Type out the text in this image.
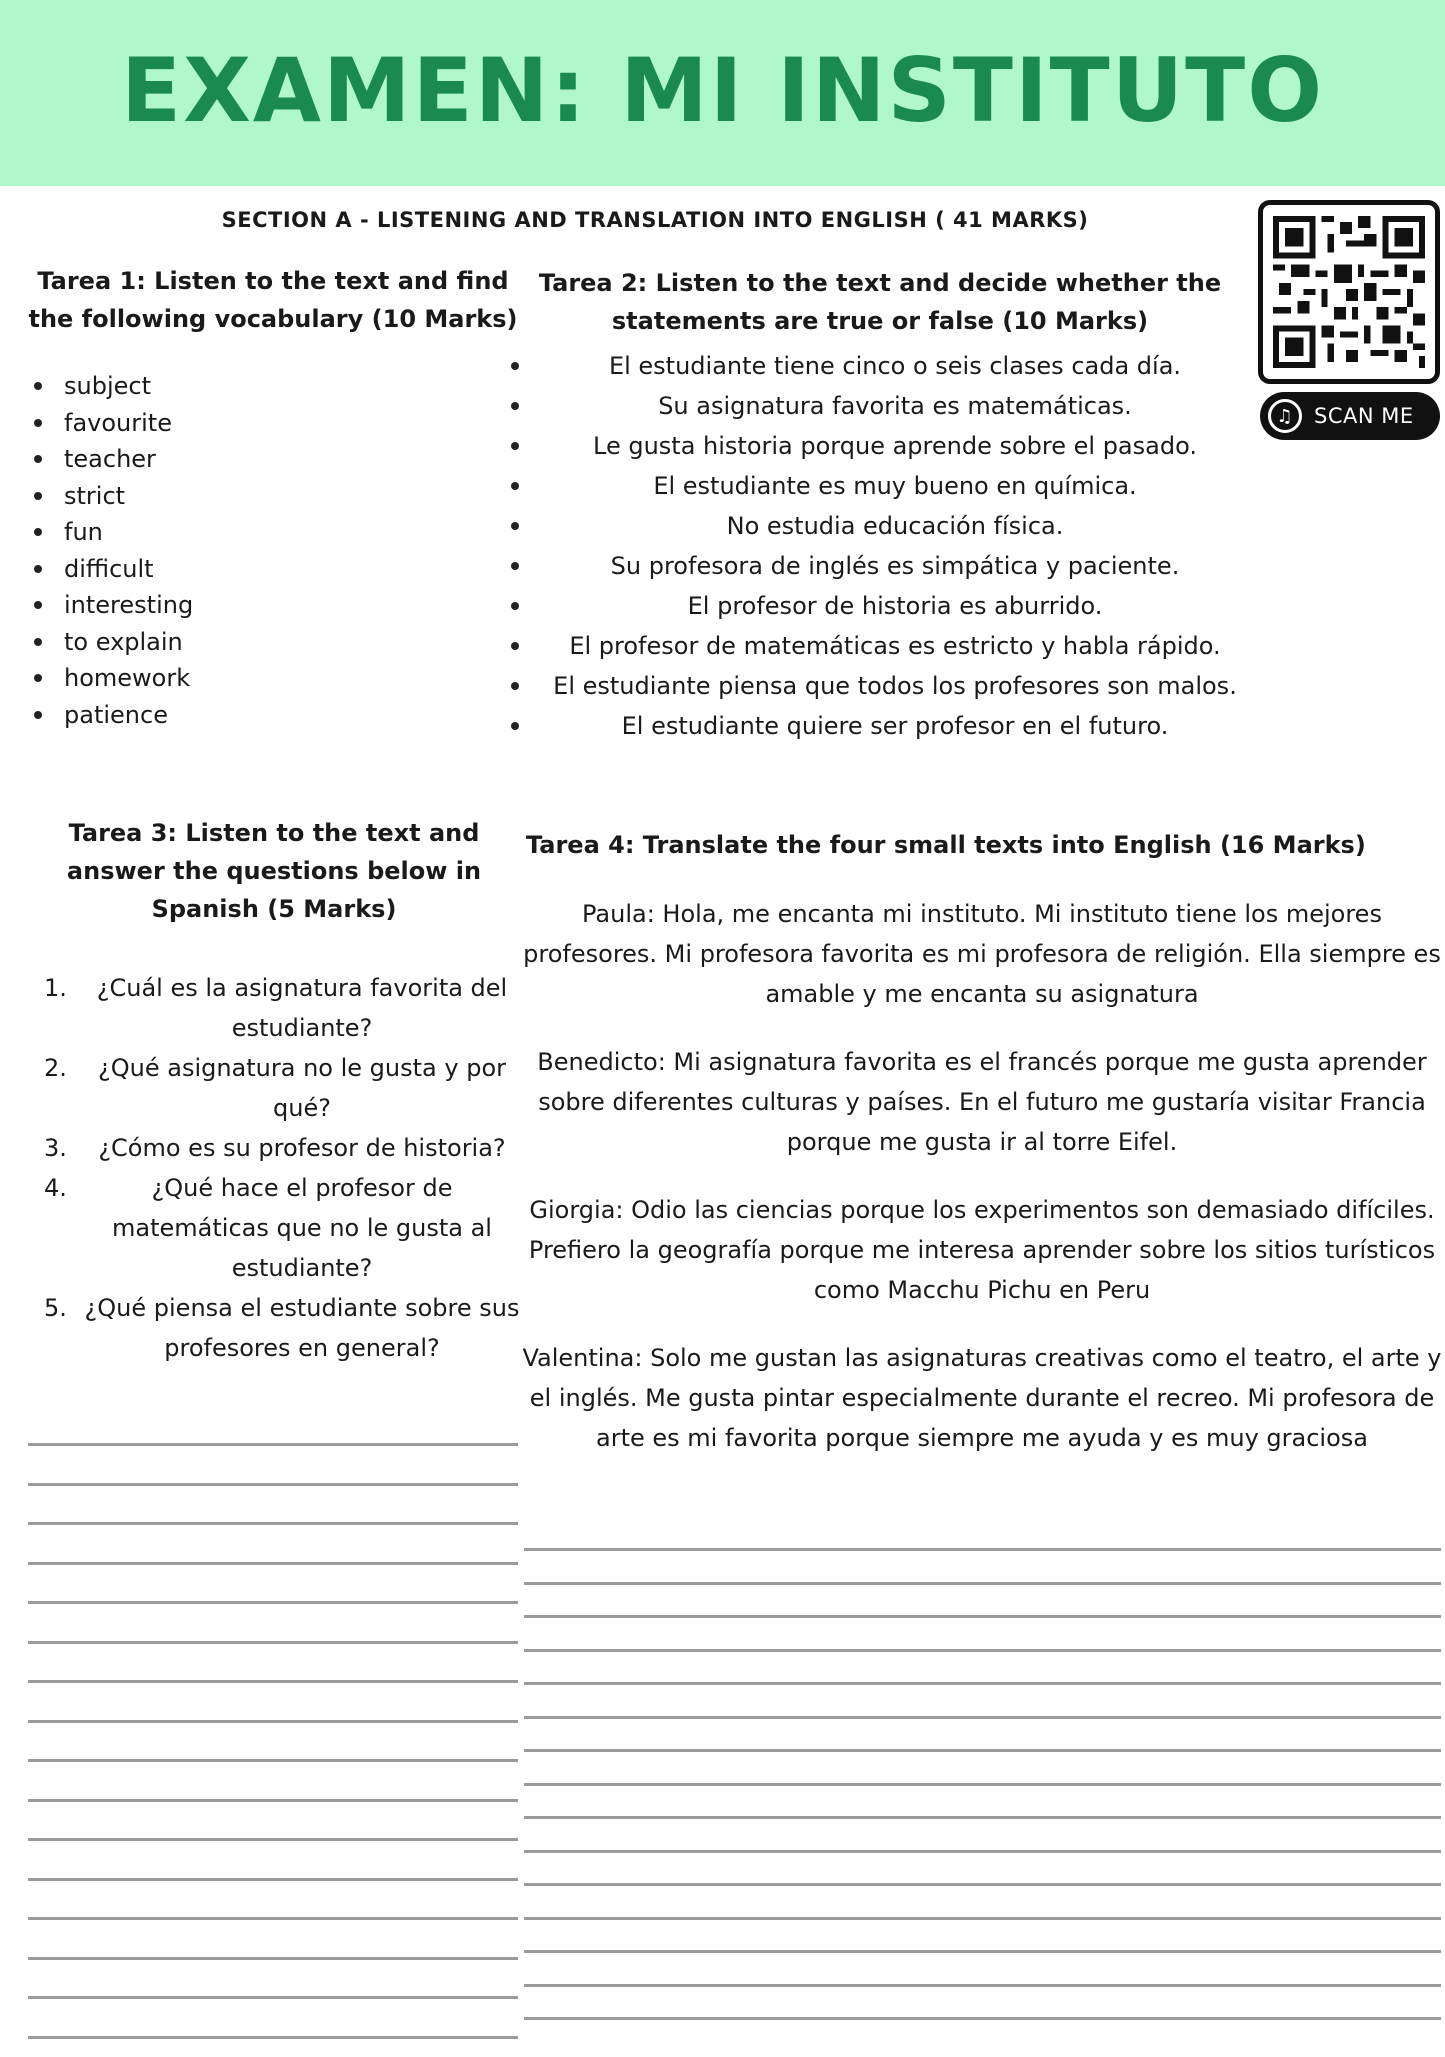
EXAMEN: MI INSTITUTO
SECTION A - LISTENING AND TRANSLATION INTO ENGLISH ( 41 MARKS)
♫ SCAN ME
Tarea 1: Listen to the text and find the following vocabulary (10 Marks)
subject
favourite
teacher
strict
fun
difficult
interesting
to explain
homework
patience
Tarea 2: Listen to the text and decide whether the statements are true or false (10 Marks)
El estudiante tiene cinco o seis clases cada día.
Su asignatura favorita es matemáticas.
Le gusta historia porque aprende sobre el pasado.
El estudiante es muy bueno en química.
No estudia educación física.
Su profesora de inglés es simpática y paciente.
El profesor de historia es aburrido.
El profesor de matemáticas es estricto y habla rápido.
El estudiante piensa que todos los profesores son malos.
El estudiante quiere ser profesor en el futuro.
Tarea 3: Listen to the text and answer the questions below in Spanish (5 Marks)
1.	¿Cuál es la asignatura favorita del estudiante?
2.	¿Qué asignatura no le gusta y por qué?
3.	¿Cómo es su profesor de historia?
4.	¿Qué hace el profesor de matemáticas que no le gusta al estudiante?
5. ¿Qué piensa el estudiante sobre sus profesores en general?
Tarea 4: Translate the four small texts into English (16 Marks)

Paula: Hola, me encanta mi instituto. Mi instituto tiene los mejores profesores. Mi profesora favorita es mi profesora de religión. Ella siempre es amable y me encanta su asignatura

Benedicto: Mi asignatura favorita es el francés porque me gusta aprender sobre diferentes culturas y países. En el futuro me gustaría visitar Francia porque me gusta ir al torre Eifel.

Giorgia: Odio las ciencias porque los experimentos son demasiado difíciles. Prefiero la geografía porque me interesa aprender sobre los sitios turísticos como Macchu Pichu en Peru

Valentina: Solo me gustan las asignaturas creativas como el teatro, el arte y el inglés. Me gusta pintar especialmente durante el recreo. Mi profesora de arte es mi favorita porque siempre me ayuda y es muy graciosa
